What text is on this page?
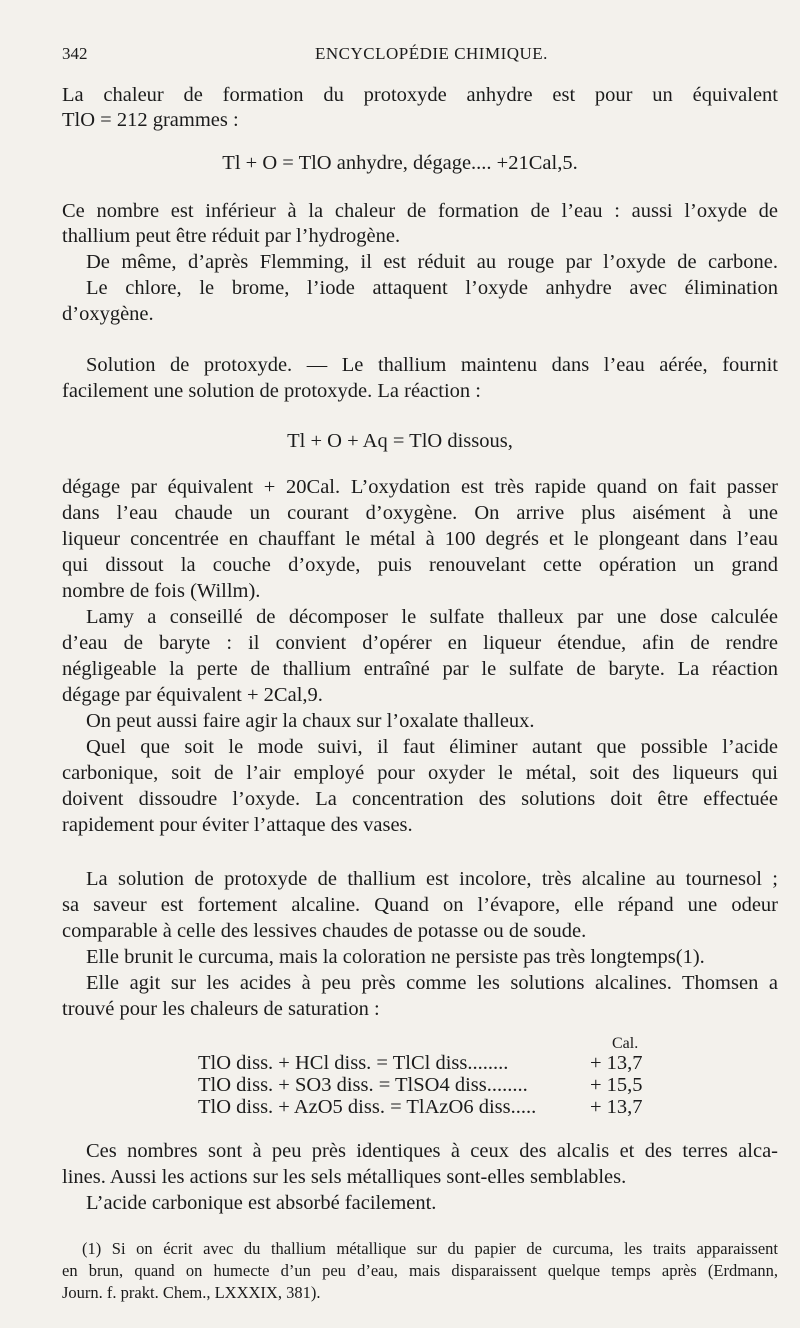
342	ENCYCLOPÉDIE CHIMIQUE.
La chaleur de formation du protoxyde anhydre est pour un équivalent
TlO = 212 grammes :
Tl + O = TlO anhydre, dégage.... +21Cal,5.
Ce nombre est inférieur à la chaleur de formation de l’eau : aussi l’oxyde de
thallium peut être réduit par l’hydrogène.
De même, d’après Flemming, il est réduit au rouge par l’oxyde de carbone.
Le chlore, le brome, l’iode attaquent l’oxyde anhydre avec élimination
d’oxygène.
Solution de protoxyde. — Le thallium maintenu dans l’eau aérée, fournit
facilement une solution de protoxyde. La réaction :
Tl + O + Aq = TlO dissous,
dégage par équivalent + 20Cal. L’oxydation est très rapide quand on fait passer
dans l’eau chaude un courant d’oxygène. On arrive plus aisément à une
liqueur concentrée en chauffant le métal à 100 degrés et le plongeant dans l’eau
qui dissout la couche d’oxyde, puis renouvelant cette opération un grand
nombre de fois (Willm).
Lamy a conseillé de décomposer le sulfate thalleux par une dose calculée
d’eau de baryte : il convient d’opérer en liqueur étendue, afin de rendre
négligeable la perte de thallium entraîné par le sulfate de baryte. La réaction
dégage par équivalent + 2Cal,9.
On peut aussi faire agir la chaux sur l’oxalate thalleux.
Quel que soit le mode suivi, il faut éliminer autant que possible l’acide
carbonique, soit de l’air employé pour oxyder le métal, soit des liqueurs qui
doivent dissoudre l’oxyde. La concentration des solutions doit être effectuée
rapidement pour éviter l’attaque des vases.
La solution de protoxyde de thallium est incolore, très alcaline au tournesol ;
sa saveur est fortement alcaline. Quand on l’évapore, elle répand une odeur
comparable à celle des lessives chaudes de potasse ou de soude.
Elle brunit le curcuma, mais la coloration ne persiste pas très longtemps(1).
Elle agit sur les acides à peu près comme les solutions alcalines. Thomsen a
trouvé pour les chaleurs de saturation :
Cal.
TlO diss. + HCl diss. = TlCl diss........	+ 13,7
TlO diss. + SO3 diss. = TlSO4 diss........	+ 15,5
TlO diss. + AzO5 diss. = TlAzO6 diss.....	+ 13,7
Ces nombres sont à peu près identiques à ceux des alcalis et des terres alca-
lines. Aussi les actions sur les sels métalliques sont-elles semblables.
L’acide carbonique est absorbé facilement.
(1) Si on écrit avec du thallium métallique sur du papier de curcuma, les traits apparaissent
en brun, quand on humecte d’un peu d’eau, mais disparaissent quelque temps après (Erdmann,
Journ. f. prakt. Chem., LXXXIX, 381).
